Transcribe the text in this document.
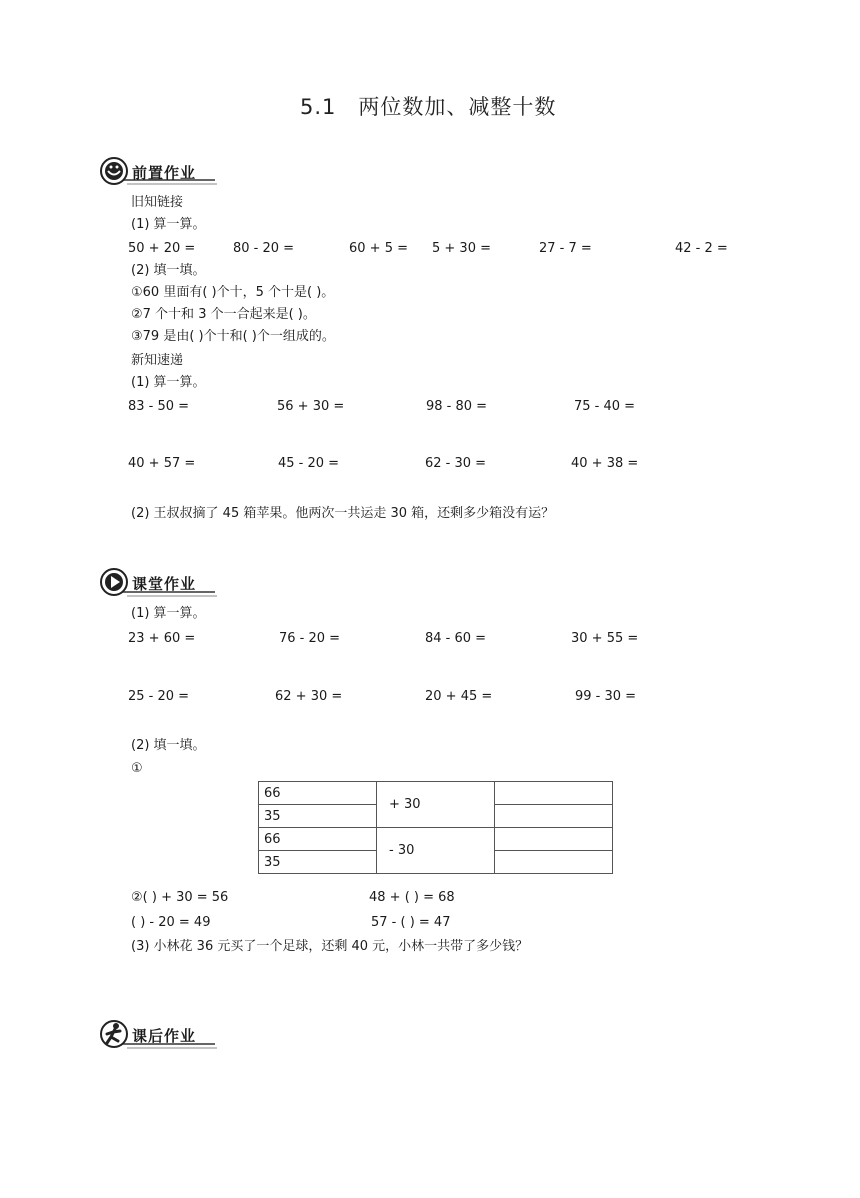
5.1　两位数加、减整十数
前置作业
旧知链接
(1) 算一算。
50 + 20 =	80 - 20 =	60 + 5 = 5 + 30 =	27 - 7 =	42 - 2 =
(2) 填一填。
①60 里面有( )个十，5 个十是( )。
②7 个十和 3 个一合起来是( )。
③79 是由( )个十和( )个一组成的。
新知速递
(1) 算一算。
83 - 50 =	56 + 30 =	98 - 80 =	75 - 40 =
40 + 57 =	45 - 20 =	62 - 30 =	40 + 38 =
(2) 王叔叔摘了 45 箱苹果。他两次一共运走 30 箱，还剩多少箱没有运？
课堂作业
(1) 算一算。
23 + 60 =	76 - 20 =	84 - 60 =	30 + 55 =
25 - 20 =	62 + 30 =	20 + 45 =	99 - 30 =
(2) 填一填。
①
66	+ 30	
35		
66	- 30	
35		
②( ) + 30 = 56	48 + ( ) = 68
( ) - 20 = 49	57 - ( ) = 47
(3) 小林花 36 元买了一个足球，还剩 40 元，小林一共带了多少钱？
课后作业
